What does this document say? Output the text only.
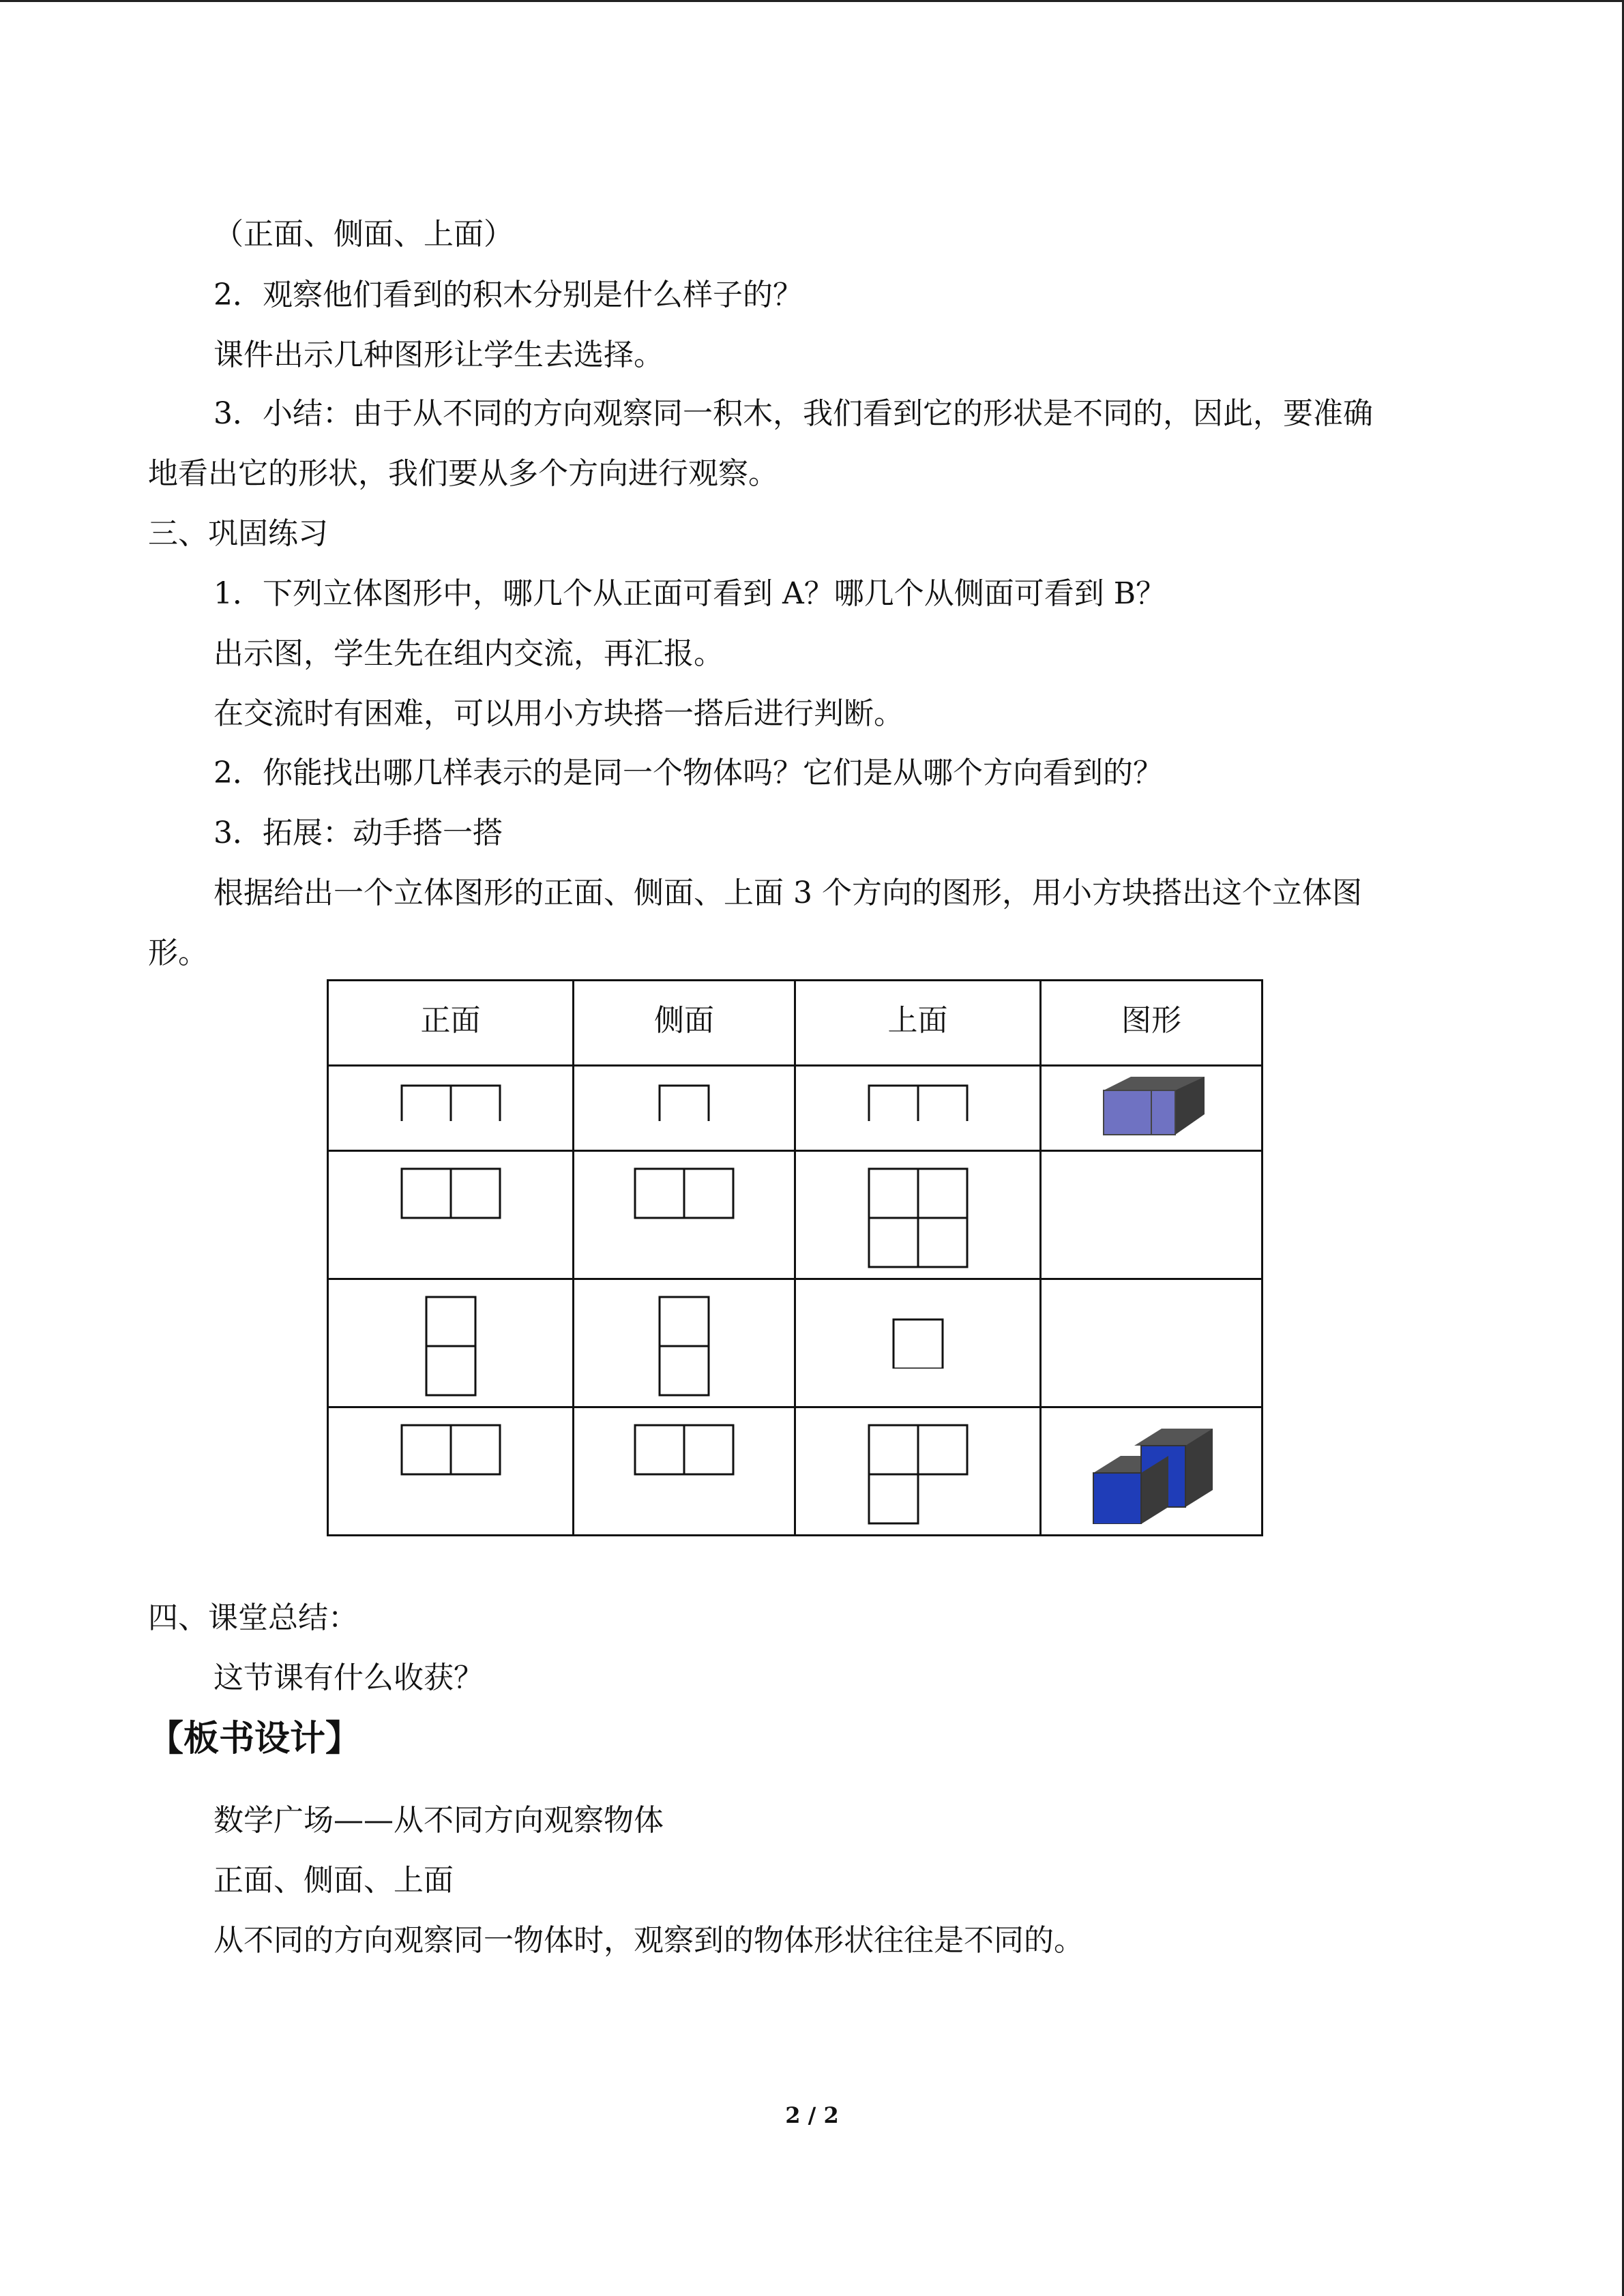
（正面、侧面、上面）
2．观察他们看到的积木分别是什么样子的？
课件出示几种图形让学生去选择。
3．小结：由于从不同的方向观察同一积木，我们看到它的形状是不同的，因此，要准确
地看出它的形状，我们要从多个方向进行观察。
三、巩固练习
1．下列立体图形中，哪几个从正面可看到 A？哪几个从侧面可看到 B？
出示图，学生先在组内交流，再汇报。
在交流时有困难，可以用小方块搭一搭后进行判断。
2．你能找出哪几样表示的是同一个物体吗？它们是从哪个方向看到的？
3．拓展：动手搭一搭
根据给出一个立体图形的正面、侧面、上面 3 个方向的图形，用小方块搭出这个立体图
形。
正面	侧面	上面	图形

四、课堂总结：
这节课有什么收获？
【板书设计】
数学广场——从不同方向观察物体
正面、侧面、上面
从不同的方向观察同一物体时，观察到的物体形状往往是不同的。
2 / 2
